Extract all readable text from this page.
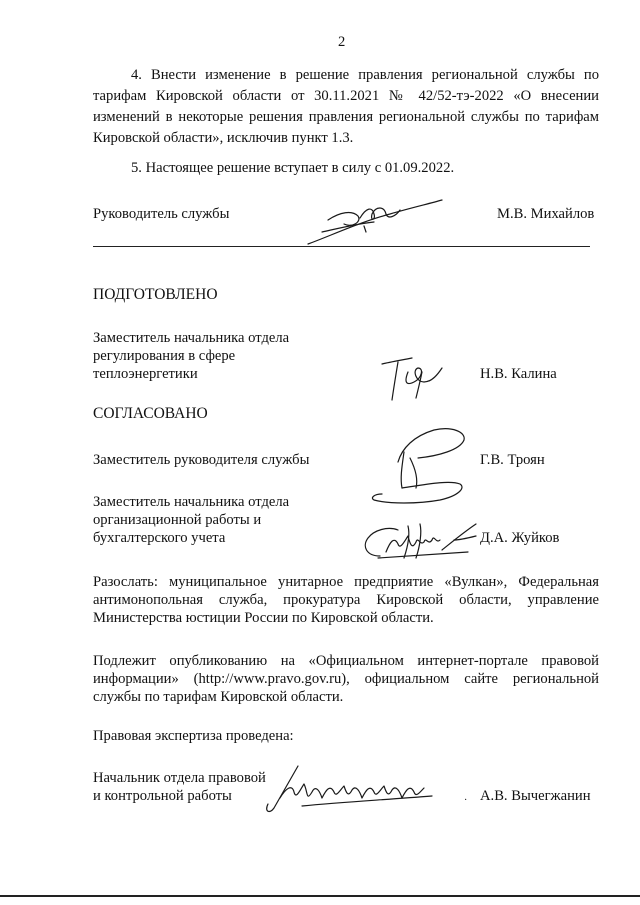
2

4. Внести изменение в решение правления региональной службы по тарифам Кировской области от 30.11.2021 № 42/52-тэ-2022 «О внесении изменений в некоторые решения правления региональной службы по тарифам Кировской области», исключив пункт 1.3.

5. Настоящее решение вступает в силу с 01.09.2022.

Руководитель службы	М.В. Михайлов
ПОДГОТОВЛЕНО
Заместитель начальника отдела
регулирования в сфере
теплоэнергетики	Н.В. Калина
СОГЛАСОВАНО
Заместитель руководителя службы	Г.В. Троян
Заместитель начальника отдела
организационной работы и
бухгалтерского учета	Д.А. Жуйков

Разослать: муниципальное унитарное предприятие «Вулкан», Федеральная антимонопольная служба, прокуратура Кировской области, управление Министерства юстиции России по Кировской области.

Подлежит опубликованию на «Официальном интернет-портале правовой информации» (http://www.pravo.gov.ru), официальном сайте региональной службы по тарифам Кировской области.

Правовая экспертиза проведена:
Начальник отдела правовой
и контрольной работы	· А.В. Вычегжанин
